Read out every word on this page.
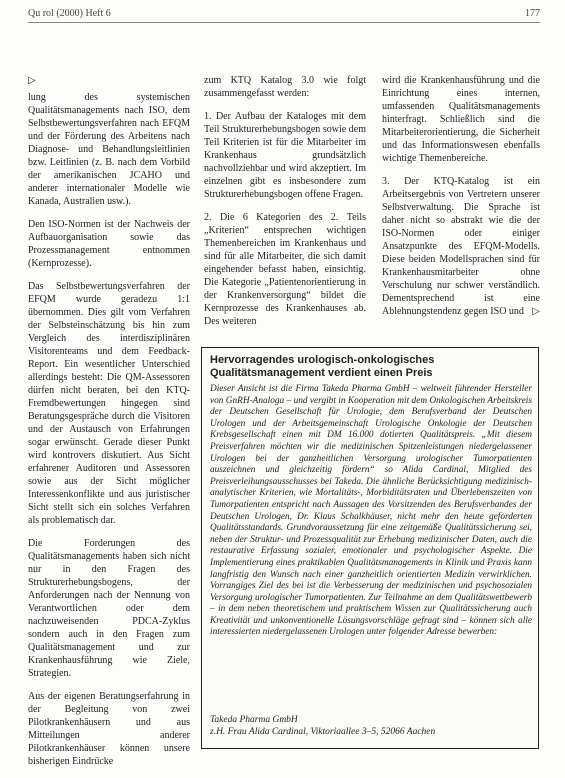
Qu rol (2000) Heft 6	177
▷

lung des systemischen Qualitätsmanagements nach ISO, dem Selbstbewertungsverfahren nach EFQM und der Förderung des Arbeitens nach Diagnose- und Behandlungsleitlinien bzw. Leitlinien (z. B. nach dem Vorbild der amerikanischen JCAHO und anderer internationaler Modelle wie Kanada, Australien usw.).

Den ISO-Normen ist der Nachweis der Aufbauorganisation sowie das Prozessmanagement entnommen (Kernprozesse).

Das Selbstbewertungsverfahren der EFQM wurde geradezu 1:1 übernommen. Dies gilt vom Verfahren der Selbsteinschätzung bis hin zum Vergleich des interdisziplinären Visitorenteams und dem Feedback-Report. Ein wesentlicher Unterschied allerdings besteht: Die QM-Assessoren dürfen nicht beraten, bei den KTQ-Fremdbewertungen hingegen sind Beratungsgespräche durch die Visitoren und der Austausch von Erfahrungen sogar erwünscht. Gerade dieser Punkt wird kontrovers diskutiert. Aus Sicht erfahrener Auditoren und Assessoren sowie aus der Sicht möglicher Interessenkonflikte und aus juristischer Sicht stellt sich ein solches Verfahren als problematisch dar.

Die Forderungen des Qualitätsmanagements haben sich nicht nur in den Fragen des Strukturerhebungsbogens, der Anforderungen nach der Nennung von Verantwortlichen oder dem nachzuweisenden PDCA-Zyklus sondern auch in den Fragen zum Qualitätsmanagement und zur Krankenhausführung wie Ziele, Strategien.

Aus der eigenen Beratungserfahrung in der Begleitung von zwei Pilotkrankenhäusern und aus Mitteilungen anderer Pilotkrankenhäuser können unsere bisherigen Eindrücke

zum KTQ Katalog 3.0 wie folgt zusammengefasst werden:

1. Der Aufbau der Kataloges mit dem Teil Strukturerhebungsbogen sowie dem Teil Kriterien ist für die Mitarbeiter im Krankenhaus grundsätzlich nachvollziehbar und wird akzeptiert. Im einzelnen gibt es insbesondere zum Strukturerhebungsbogen offene Fragen.

2. Die 6 Kategorien des 2. Teils „Kriterien“ entsprechen wichtigen Themenbereichen im Krankenhaus und sind für alle Mitarbeiter, die sich damit eingehender befasst haben, einsichtig. Die Kategorie „Patientenorientierung in der Krankenversorgung“ bildet die Kernprozesse des Krankenhauses ab. Des weiteren

wird die Krankenhausführung und die Einrichtung eines internen, umfassenden Qualitätsmanagements hinterfragt. Schließlich sind die Mitarbeiterorientierung, die Sicherheit und das Informationswesen ebenfalls wichtige Themenbereiche.

3. Der KTQ-Katalog ist ein Arbeitsergebnis von Vertretern unserer Selbstverwaltung. Die Sprache ist daher nicht so abstrakt wie die der ISO-Normen oder einiger Ansatzpunkte des EFQM-Modells. Diese beiden Modellsprachen sind für Krankenhausmitarbeiter ohne Verschulung nur schwer verständlich. Dementsprechend ist eine Ablehnungstendenz gegen ISO und ▷

Hervorragendes urologisch-onkologisches Qualitätsmanagement verdient einen Preis
Dieser Ansicht ist die Firma Takeda Pharma GmbH – weltweit führender Hersteller von GnRH-Analoga – und vergibt in Kooperation mit dem Onkologischen Arbeitskreis der Deutschen Gesellschaft für Urologie, dem Berufsverband der Deutschen Urologen und der Arbeitsgemeinschaft Urologische Onkologie der Deutschen Krebsgesellschaft einen mit DM 16.000 dotierten Qualitätspreis. „Mit diesem Preisverfahren möchten wir die medizinischen Spitzenleistungen niedergelassener Urologen bei der ganzheitlichen Versorgung urologischer Tumorpatienten auszeichnen und gleichzeitig fördern“ so Alida Cardinal, Mitglied des Preisverleihungsausschusses bei Takeda. Die ähnliche Berücksichtigung medizinisch-analytischer Kriterien, wie Mortalitäts-, Morbiditätsraten und Überlebenszeiten von Tumorpatienten entspricht nach Aussagen des Vorsitzenden des Berufsverbandes der Deutschen Urologen, Dr. Klaus Schalkhäuser, nicht mehr den heute geforderten Qualitätsstandards. Grundvoraussetzung für eine zeitgemäße Qualitätssicherung sei, neben der Struktur- und Prozessqualität zur Erhebung medizinischer Daten, auch die restaurative Erfassung sozialer, emotionaler und psychologischer Aspekte. Die Implementierung eines praktikablen Qualitätsmanagements in Klinik und Praxis kann langfristig den Wunsch nach einer ganzheitlich orientierten Medizin verwirklichen. Vorrangiges Ziel des bei ist die Verbesserung der medizinischen und psychosozialen Versorgung urologischer Tumorpatienten. Zur Teilnahme an dem Qualitätswettbewerb – in dem neben theoretischem und praktischem Wissen zur Qualitätssicherung auch Kreativität und unkonventionelle Lösungsvorschläge gefragt sind – können sich alle interessierten niedergelassenen Urologen unter folgender Adresse bewerben:
Takeda Pharma GmbH
z.H. Frau Alida Cardinal, Viktoriaallee 3–5, 52066 Aachen
